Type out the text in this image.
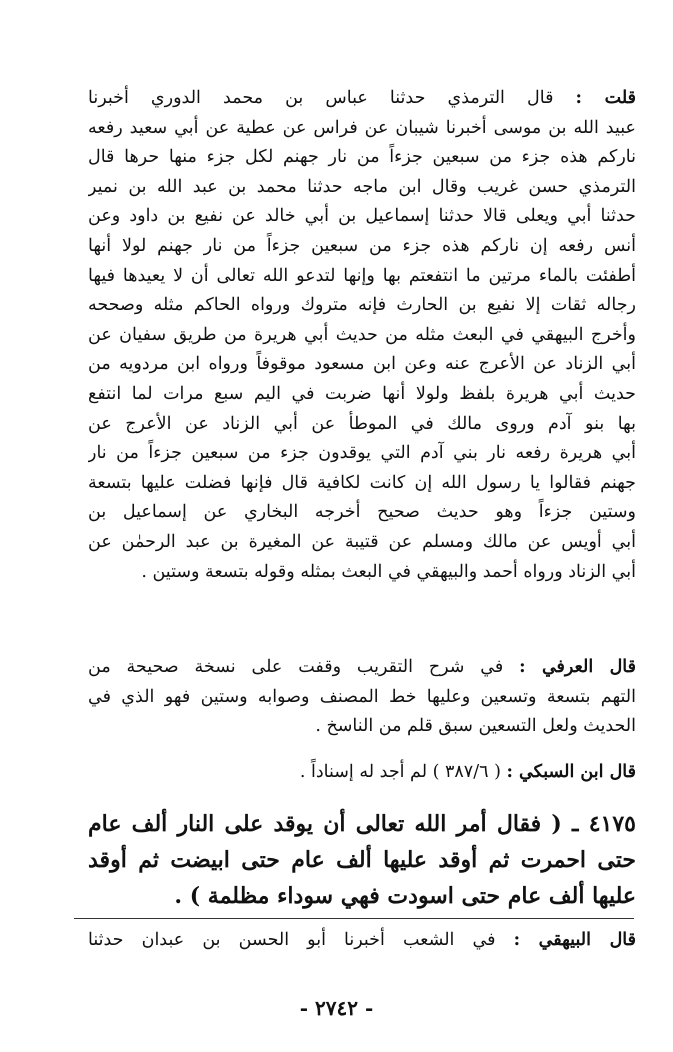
قلت : قال الترمذي حدثنا عباس بن محمد الدوري أخبرنا
عبيد الله بن موسى أخبرنا شيبان عن فراس عن عطية عن أبي سعيد رفعه
ناركم هذه جزء من سبعين جزءاً من نار جهنم لكل جزء منها حرها قال
الترمذي حسن غريب وقال ابن ماجه حدثنا محمد بن عبد الله بن نمير
حدثنا أبي ويعلى قالا حدثنا إسماعيل بن أبي خالد عن نفيع بن داود وعن
أنس رفعه إن ناركم هذه جزء من سبعين جزءاً من نار جهنم لولا أنها
أطفئت بالماء مرتين ما انتفعتم بها وإنها لتدعو الله تعالى أن لا يعيدها فيها
رجاله ثقات إلا نفيع بن الحارث فإنه متروك ورواه الحاكم مثله وصححه
وأخرج البيهقي في البعث مثله من حديث أبي هريرة من طريق سفيان عن
أبي الزناد عن الأعرج عنه وعن ابن مسعود موقوفاً ورواه ابن مردويه من
حديث أبي هريرة بلفظ ولولا أنها ضربت في اليم سبع مرات لما انتفع
بها بنو آدم وروى مالك في الموطأ عن أبي الزناد عن الأعرج عن
أبي هريرة رفعه نار بني آدم التي يوقدون جزء من سبعين جزءاً من نار
جهنم فقالوا يا رسول الله إن كانت لكافية قال فإنها فضلت عليها بتسعة
وستين جزءاً وهو حديث صحيح أخرجه البخاري عن إسماعيل بن
أبي أويس عن مالك ومسلم عن قتيبة عن المغيرة بن عبد الرحمٰن عن
أبي الزناد ورواه أحمد والبيهقي في البعث بمثله وقوله بتسعة وستين .
قال العرفي : في شرح التقريب وقفت على نسخة صحيحة من
التهم بتسعة وتسعين وعليها خط المصنف وصوابه وستين فهو الذي في
الحديث ولعل التسعين سبق قلم من الناسخ .
قال ابن السبكي : ( ٣٨٧/٦ ) لم أجد له إسناداً .
٤١٧٥ ـ ( فقال أمر الله تعالى أن يوقد على النار ألف عام
حتى احمرت ثم أوقد عليها ألف عام حتى ابيضت ثم أوقد
عليها ألف عام حتى اسودت فهي سوداء مظلمة ) .
قال البيهقي : في الشعب أخبرنا أبو الحسن بن عبدان حدثنا
- ٢٧٤٢ -
